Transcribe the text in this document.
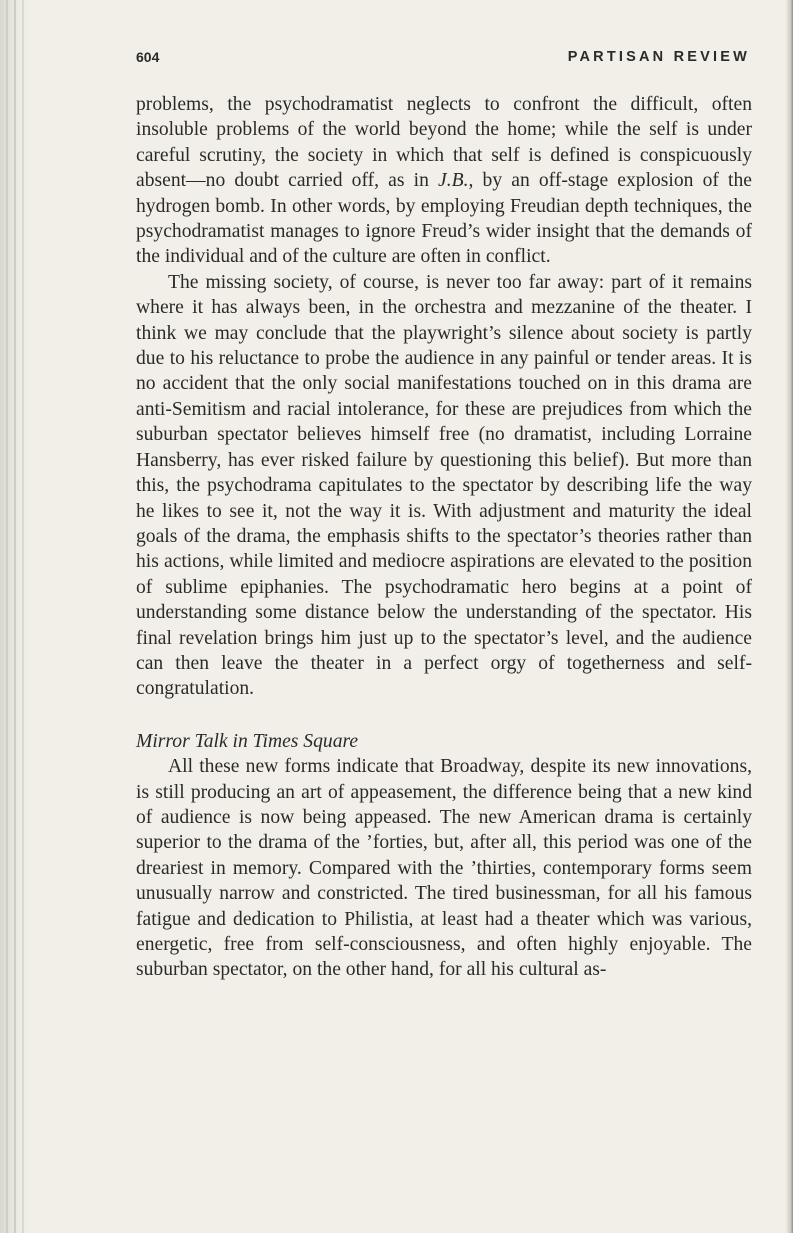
604	PARTISAN REVIEW

problems, the psychodramatist neglects to confront the difficult, often insoluble problems of the world beyond the home; while the self is under careful scrutiny, the society in which that self is defined is conspicuously absent—no doubt carried off, as in J.B., by an off-stage explosion of the hydrogen bomb. In other words, by employing Freudian depth techniques, the psychodramatist manages to ignore Freud’s wider insight that the demands of the individual and of the culture are often in conflict.

The missing society, of course, is never too far away: part of it remains where it has always been, in the orchestra and mezzanine of the theater. I think we may conclude that the playwright’s silence about society is partly due to his reluctance to probe the audience in any painful or tender areas. It is no accident that the only social manifestations touched on in this drama are anti-Semitism and racial intolerance, for these are prejudices from which the suburban spectator believes himself free (no dramatist, including Lorraine Hansberry, has ever risked failure by questioning this belief). But more than this, the psychodrama capitulates to the spectator by describing life the way he likes to see it, not the way it is. With adjustment and maturity the ideal goals of the drama, the emphasis shifts to the spectator’s theories rather than his actions, while limited and mediocre aspirations are elevated to the position of sublime epiphanies. The psychodramatic hero begins at a point of understanding some distance below the understanding of the spectator. His final revelation brings him just up to the spectator’s level, and the audience can then leave the theater in a perfect orgy of togetherness and self-congratulation.

Mirror Talk in Times Square

All these new forms indicate that Broadway, despite its new innovations, is still producing an art of appeasement, the difference being that a new kind of audience is now being appeased. The new American drama is certainly superior to the drama of the ’forties, but, after all, this period was one of the dreariest in memory. Compared with the ’thirties, contemporary forms seem unusually narrow and constricted. The tired businessman, for all his famous fatigue and dedication to Philistia, at least had a theater which was various, energetic, free from self-consciousness, and often highly enjoyable. The suburban spectator, on the other hand, for all his cultural as-
